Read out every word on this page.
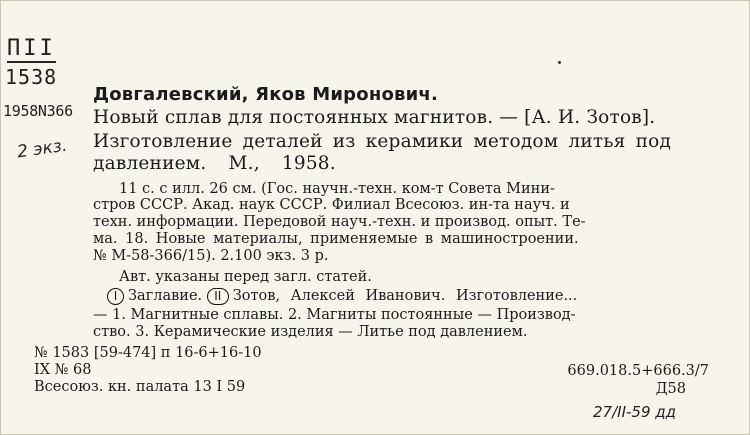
ПII
1538
1958N366
2 экз.
Довгалевский, Яков Миронович.
Новый сплав для постоянных магнитов. — [А. И. Зотов].
Изготовление деталей из керамики методом литья под
давлением. М., 1958.
11 с. с илл. 26 см. (Гос. научн.-техн. ком-т Совета Мини-
стров СССР. Акад. наук СССР. Филиал Всесоюз. ин-та науч. и
техн. информации. Передовой науч.-техн. и производ. опыт. Те-
ма. 18. Новые материалы, применяемые в машиностроении.
№ М-58-366/15). 2.100 экз. 3 р.
Авт. указаны перед загл. статей.
I Заглавие. II Зотов, Алексей Иванович. Изготовление...
— 1. Магнитные сплавы. 2. Магниты постоянные — Производ-
ство. 3. Керамические изделия — Литье под давлением.
№ 1583 [59-474] п 16-6+16-10
IX № 68
Всесоюз. кн. палата 13 I 59
669.018.5+666.3/7
Д58
27/II-59 дд
